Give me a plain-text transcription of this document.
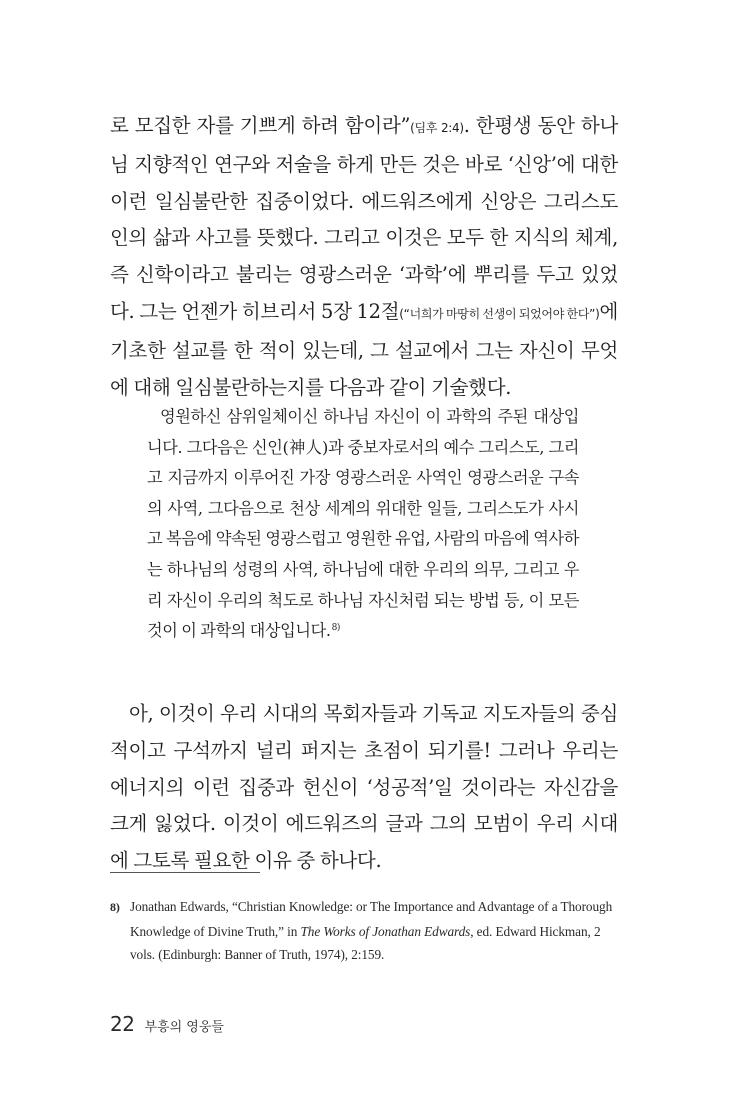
로 모집한 자를 기쁘게 하려 함이라”(딤후 2:4). 한평생 동안 하나님 지향적인 연구와 저술을 하게 만든 것은 바로 ‘신앙’에 대한 이런 일심불란한 집중이었다. 에드워즈에게 신앙은 그리스도인의 삶과 사고를 뜻했다. 그리고 이것은 모두 한 지식의 체계, 즉 신학이라고 불리는 영광스러운 ‘과학’에 뿌리를 두고 있었다. 그는 언젠가 히브리서 5장 12절(“너희가 마땅히 선생이 되었어야 한다”)에 기초한 설교를 한 적이 있는데, 그 설교에서 그는 자신이 무엇에 대해 일심불란하는지를 다음과 같이 기술했다.

영원하신 삼위일체이신 하나님 자신이 이 과학의 주된 대상입니다. 그다음은 신인(神人)과 중보자로서의 예수 그리스도, 그리고 지금까지 이루어진 가장 영광스러운 사역인 영광스러운 구속의 사역, 그다음으로 천상 세계의 위대한 일들, 그리스도가 사시고 복음에 약속된 영광스럽고 영원한 유업, 사람의 마음에 역사하는 하나님의 성령의 사역, 하나님에 대한 우리의 의무, 그리고 우리 자신이 우리의 척도로 하나님 자신처럼 되는 방법 등, 이 모든 것이 이 과학의 대상입니다.$^{8)}$

아, 이것이 우리 시대의 목회자들과 기독교 지도자들의 중심적이고 구석까지 널리 퍼지는 초점이 되기를! 그러나 우리는 에너지의 이런 집중과 헌신이 ‘성공적’일 것이라는 자신감을 크게 잃었다. 이것이 에드워즈의 글과 그의 모범이 우리 시대에 그토록 필요한 이유 중 하나다.

8) Jonathan Edwards, “Christian Knowledge: or The Importance and Advantage of a Thorough Knowledge of Divine Truth,” in The Works of Jonathan Edwards, ed. Edward Hickman, 2 vols. (Edinburgh: Banner of Truth, 1974), 2:159.

22 부흥의 영웅들
